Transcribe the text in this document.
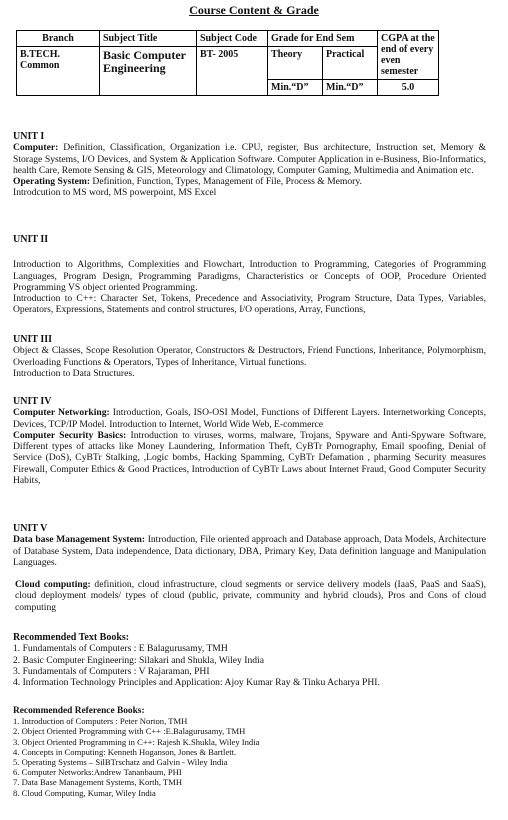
Course Content & Grade
Branch	Subject Title	Subject Code	Grade for End Sem		CGPA at the end of every even semester
B.TECH. Common	Basic Computer Engineering	BT- 2005	Theory	Practical	
			Min.“D”	Min.“D”	5.0

UNIT I

Computer: Definition, Classification, Organization i.e. CPU, register, Bus architecture, Instruction set, Memory & Storage Systems, I/O Devices, and System & Application Software. Computer Application in e-Business, Bio-Informatics, health Care, Remote Sensing & GIS, Meteorology and Climatology, Computer Gaming, Multimedia and Animation etc.

Operating System: Definition, Function, Types, Management of File, Process & Memory.

Introdcution to MS word, MS powerpoint, MS Excel

UNIT II

Introduction to Algorithms, Complexities and Flowchart, Introduction to Programming, Categories of Programming Languages, Program Design, Programming Paradigms, Characteristics or Concepts of OOP, Procedure Oriented Programming VS object oriented Programming.

Introduction to C++: Character Set, Tokens, Precedence and Associativity, Program Structure, Data Types, Variables, Operators, Expressions, Statements and control structures, I/O operations, Array, Functions,

UNIT III

Object & Classes, Scope Resolution Operator, Constructors & Destructors, Friend Functions, Inheritance, Polymorphism, Overloading Functions & Operators, Types of Inheritance, Virtual functions.

Introduction to Data Structures.

UNIT IV

Computer Networking: Introduction, Goals, ISO-OSI Model, Functions of Different Layers. Internetworking Concepts, Devices, TCP/IP Model. Introduction to Internet, World Wide Web, E-commerce

Computer Security Basics: Introduction to viruses, worms, malware, Trojans, Spyware and Anti-Spyware Software, Different types of attacks like Money Laundering, Information Theft, CyBTr Pornography, Email spoofing, Denial of Service (DoS), CyBTr Stalking, ,Logic bombs, Hacking Spamming, CyBTr Defamation , pharming Security measures Firewall, Computer Ethics & Good Practices, Introduction of CyBTr Laws about Internet Fraud, Good Computer Security Habits,

UNIT V

Data base Management System: Introduction, File oriented approach and Database approach, Data Models, Architecture of Database System, Data independence, Data dictionary, DBA, Primary Key, Data definition language and Manipulation Languages.

Cloud computing: definition, cloud infrastructure, cloud segments or service delivery models (IaaS, PaaS and SaaS), cloud deployment models/ types of cloud (public, private, community and hybrid clouds), Pros and Cons of cloud computing

Recommended Text Books:

1. Fundamentals of Computers : E Balagurusamy, TMH
2. Basic Computer Engineering: Silakari and Shukla, Wiley India
3. Fundamentals of Computers : V Rajaraman, PHI
4. Information Technology Principles and Application: Ajoy Kumar Ray & Tinku Acharya PHI.

Recommended Reference Books:

1. Introduction of Computers : Peter Norton, TMH
2. Object Oriented Programming with C++ :E.Balagurusamy, TMH
3. Object Oriented Programming in C++: Rajesh K.Shukla, Wiley India
4. Concepts in Computing: Kenneth Hoganson, Jones & Bartlett.
5. Operating Systems – SilBTrschatz and Galvin - Wiley India
6. Computer Networks:Andrew Tananbaum, PHI
7. Data Base Management Systems, Korth, TMH
8. Cloud Computing, Kumar, Wiley India
